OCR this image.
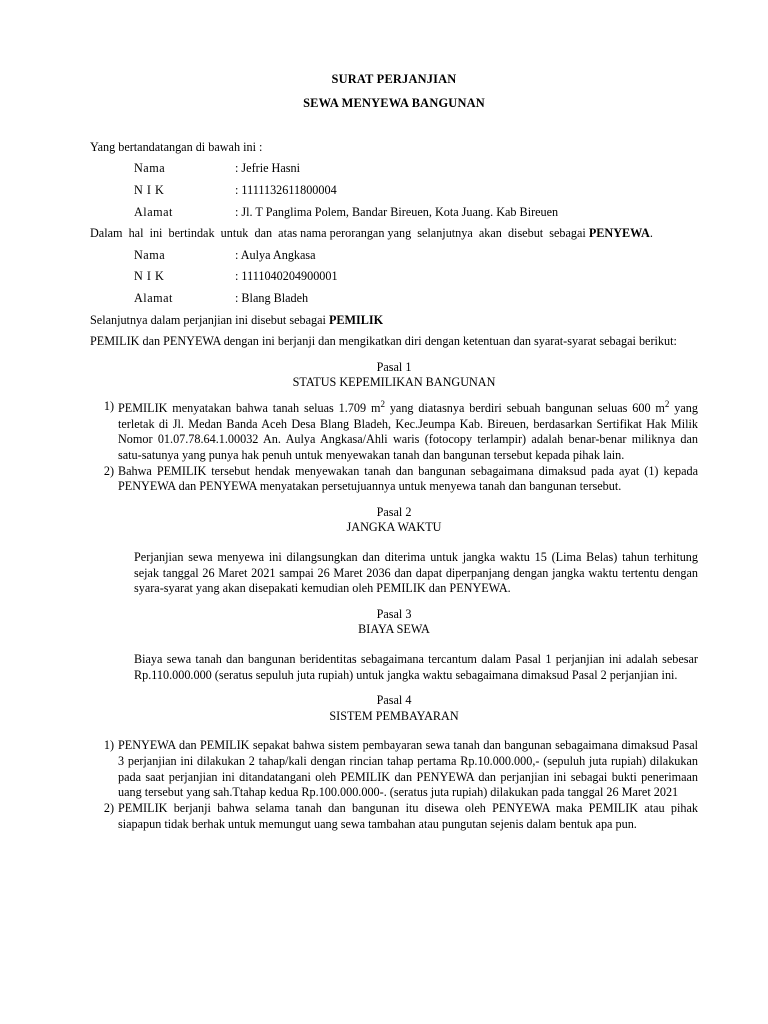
SURAT PERJANJIAN
SEWA MENYEWA BANGUNAN
Yang bertandatangan di bawah ini :
Nama	: Jefrie Hasni
N I K	: 1111132611800004
Alamat	: Jl. T Panglima Polem, Bandar Bireuen, Kota Juang. Kab Bireuen
Dalam  hal  ini  bertindak  untuk  dan  atas nama perorangan yang  selanjutnya  akan  disebut  sebagai PENYEWA.
Nama	: Aulya Angkasa
N I K	: 1111040204900001
Alamat	: Blang Bladeh
Selanjutnya dalam perjanjian ini disebut sebagai PEMILIK
PEMILIK dan PENYEWA dengan ini berjanji dan mengikatkan diri dengan ketentuan dan syarat-syarat sebagai berikut:
Pasal 1
STATUS KEPEMILIKAN BANGUNAN
1) PEMILIK menyatakan bahwa tanah seluas 1.709 $m^2$ yang diatasnya berdiri sebuah bangunan seluas 600 $m^2$ yang terletak di Jl. Medan Banda Aceh Desa Blang Bladeh, Kec.Jeumpa Kab. Bireuen, berdasarkan Sertifikat Hak Milik Nomor 01.07.78.64.1.00032 An. Aulya Angkasa/Ahli waris (fotocopy terlampir) adalah benar-benar miliknya dan satu-satunya yang punya hak penuh untuk menyewakan tanah dan bangunan tersebut kepada pihak lain.
2) Bahwa PEMILIK tersebut hendak menyewakan tanah dan bangunan sebagaimana dimaksud pada ayat (1) kepada PENYEWA dan PENYEWA menyatakan persetujuannya untuk menyewa tanah dan bangunan tersebut.
Pasal 2
JANGKA WAKTU
Perjanjian sewa menyewa ini dilangsungkan dan diterima untuk jangka waktu 15 (Lima Belas) tahun terhitung sejak tanggal 26 Maret 2021 sampai 26 Maret 2036 dan dapat diperpanjang dengan jangka waktu tertentu dengan syara-syarat yang akan disepakati kemudian oleh PEMILIK dan PENYEWA.
Pasal 3
BIAYA SEWA
Biaya sewa tanah dan bangunan beridentitas sebagaimana tercantum dalam Pasal 1 perjanjian ini adalah sebesar Rp.110.000.000 (seratus sepuluh juta rupiah) untuk jangka waktu sebagaimana dimaksud Pasal 2 perjanjian ini.
Pasal 4
SISTEM PEMBAYARAN
1) PENYEWA dan PEMILIK sepakat bahwa sistem pembayaran sewa tanah dan bangunan sebagaimana dimaksud Pasal 3 perjanjian ini dilakukan 2 tahap/kali dengan rincian tahap pertama Rp.10.000.000,- (sepuluh juta rupiah) dilakukan pada saat perjanjian ini ditandatangani oleh PEMILIK dan PENYEWA dan perjanjian ini sebagai bukti penerimaan uang tersebut yang sah.Ttahap kedua Rp.100.000.000-. (seratus juta rupiah) dilakukan pada tanggal 26 Maret 2021
2) PEMILIK berjanji bahwa selama tanah dan bangunan itu disewa oleh PENYEWA maka PEMILIK atau pihak siapapun tidak berhak untuk memungut uang sewa tambahan atau pungutan sejenis dalam bentuk apa pun.
